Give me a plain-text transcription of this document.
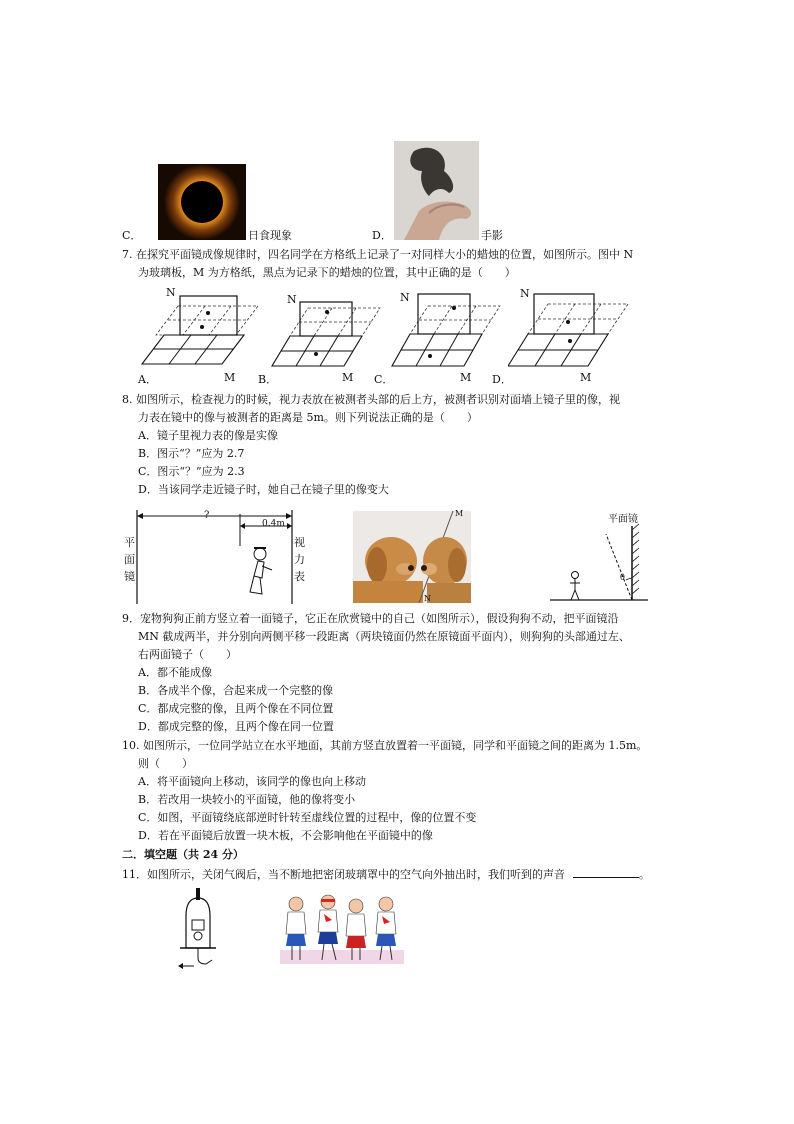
C．	日食现象	D．	手影
7. 在探究平面镜成像规律时，四名同学在方格纸上记录了一对同样大小的蜡烛的位置，如图所示。图中 N
为玻璃板，M 为方格纸，黑点为记录下的蜡烛的位置，其中正确的是（　　）
N
M
A．
N
M
B．
N
M
C．
N
M
D．
8. 如图所示，检查视力的时候，视力表放在被测者头部的后上方，被测者识别对面墙上镜子里的像，视
力表在镜中的像与被测者的距离是 5m。则下列说法正确的是（　　）
A．镜子里视力表的像是实像
B．图示“？”应为 2.7
C．图示“？”应为 2.3
D．当该同学走近镜子时，她自己在镜子里的像变大
平面镜
视力表
?
0.4m
M
N
平面镜
θ
9．宠物狗狗正前方竖立着一面镜子，它正在欣赏镜中的自己（如图所示），假设狗狗不动，把平面镜沿
MN 截成两半，并分别向两侧平移一段距离（两块镜面仍然在原镜面平面内），则狗狗的头部通过左、
右两面镜子（　　）
A．都不能成像
B．各成半个像，合起来成一个完整的像
C．都成完整的像，且两个像在不同位置
D．都成完整的像，且两个像在同一位置
10. 如图所示，一位同学站立在水平地面，其前方竖直放置着一平面镜，同学和平面镜之间的距离为 1.5m。
则（　　）
A．将平面镜向上移动，该同学的像也向上移动
B．若改用一块较小的平面镜，他的像将变小
C．如图，平面镜绕底部逆时针转至虚线位置的过程中，像的位置不变
D．若在平面镜后放置一块木板，不会影响他在平面镜中的像
二．填空题（共 24 分）
11．如图所示，关闭气阀后，当不断地把密闭玻璃罩中的空气向外抽出时，我们听到的声音	。
